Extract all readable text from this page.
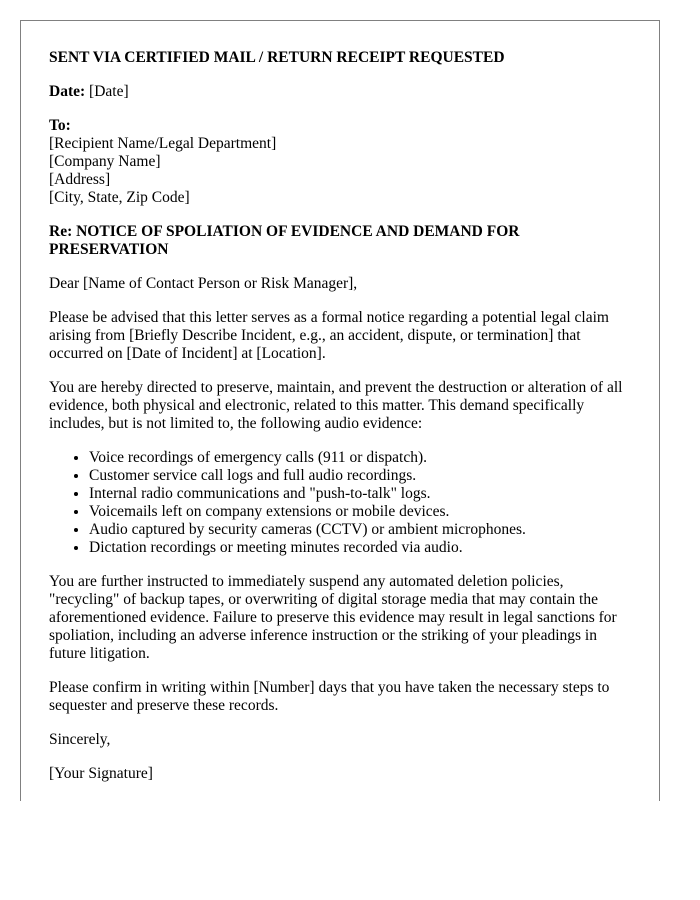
SENT VIA CERTIFIED MAIL / RETURN RECEIPT REQUESTED

Date: [Date]

To:

[Recipient Name/Legal Department]

[Company Name]

[Address]

[City, State, Zip Code]

Re: NOTICE OF SPOLIATION OF EVIDENCE AND DEMAND FOR
PRESERVATION

Dear [Name of Contact Person or Risk Manager],

Please be advised that this letter serves as a formal notice regarding a potential legal claim arising from [Briefly Describe Incident, e.g., an accident, dispute, or termination] that occurred on [Date of Incident] at [Location].

You are hereby directed to preserve, maintain, and prevent the destruction or alteration of all evidence, both physical and electronic, related to this matter. This demand specifically includes, but is not limited to, the following audio evidence:

• Voice recordings of emergency calls (911 or dispatch).
• Customer service call logs and full audio recordings.
• Internal radio communications and "push-to-talk" logs.
• Voicemails left on company extensions or mobile devices.
• Audio captured by security cameras (CCTV) or ambient microphones.
• Dictation recordings or meeting minutes recorded via audio.

You are further instructed to immediately suspend any automated deletion policies, "recycling" of backup tapes, or overwriting of digital storage media that may contain the aforementioned evidence. Failure to preserve this evidence may result in legal sanctions for spoliation, including an adverse inference instruction or the striking of your pleadings in future litigation.

Please confirm in writing within [Number] days that you have taken the necessary steps to sequester and preserve these records.

Sincerely,

[Your Signature]
